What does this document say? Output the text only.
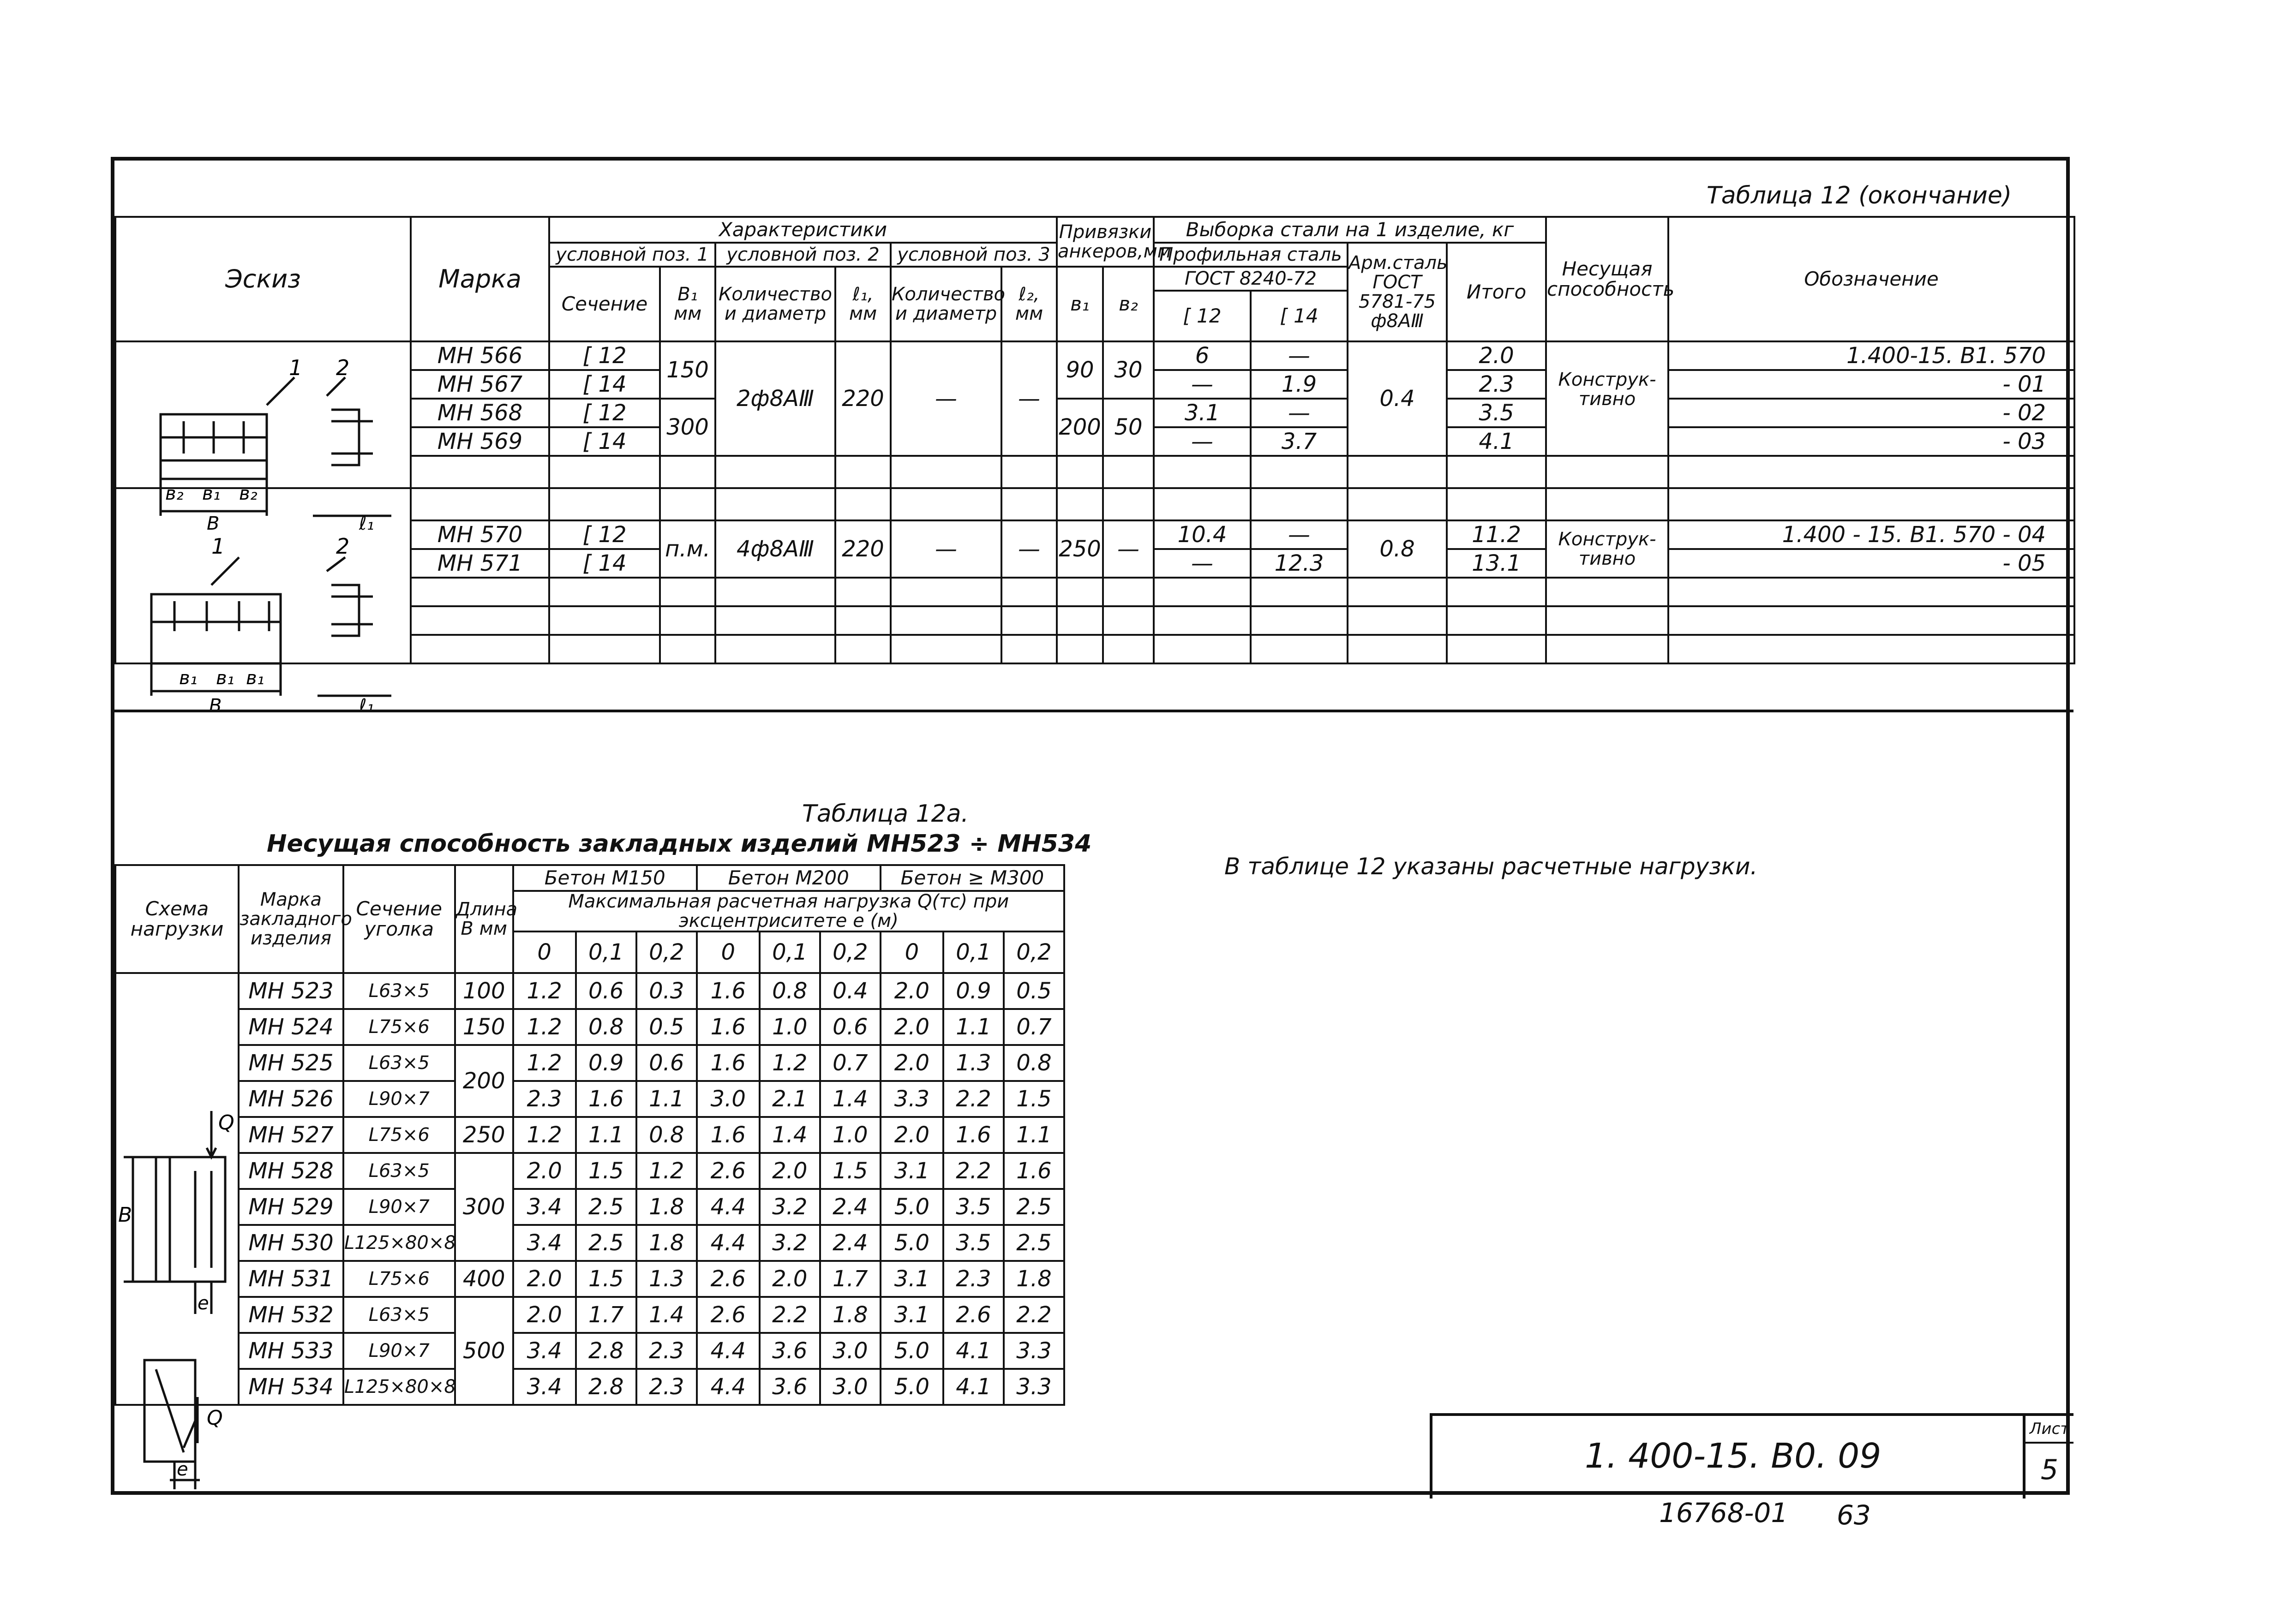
Таблица 12 (окончание)
Эскиз	Марка	Характеристики						Привязки анкеров,мм		Выборка стали на 1 изделие, кг				Несущая способность	Обозначение
		условной поз. 1		условной поз. 2		условной поз. 3				Профильная сталь		Арм.сталь ГОСТ 5781-75 ф8АⅢ	Итого		
		Сечение	B₁ мм	Количество и диаметр	ℓ₁, мм	Количество и диаметр	ℓ₂, мм	в₁	в₂	ГОСТ 8240-72					
										[ 12	[ 14				
	МН 566	[ 12	150	2ф8АⅢ	220	—	—	90	30	6	—	0.4	2.0	Конструк- тивно	1.400-15. В1. 570
	МН 567	[ 14								—	1.9		2.3		- 01
	МН 568	[ 12	300					200	50	3.1	—		3.5		- 02
	МН 569	[ 14								—	3.7		4.1		- 03

	МН 570	[ 12	п.м.	4ф8АⅢ	220	—	—	250	—	10.4	—	0.8	11.2	Конструк- тивно	1.400 - 15. В1. 570 - 04
	МН 571	[ 14								—	12.3		13.1		- 05

1 2
в₂ в₁ в₂
В	ℓ₁
1	2
в₁ в₁ в₁
В	ℓ₁
Таблица 12а.
Несущая способность закладных изделий МН523 ÷ МН534
Схема нагрузки	Марка закладного изделия	Сечение уголка	Длина В мм	Бетон М150			Бетон М200			Бетон ≥ М300		
				Максимальная расчетная нагрузка Q(тс) при эксцентриситете е (м)								
				0	0,1	0,2	0	0,1	0,2	0	0,1	0,2
	МН 523	L63×5	100	1.2	0.6	0.3	1.6	0.8	0.4	2.0	0.9	0.5
	МН 524	L75×6	150	1.2	0.8	0.5	1.6	1.0	0.6	2.0	1.1	0.7
	МН 525	L63×5	200	1.2	0.9	0.6	1.6	1.2	0.7	2.0	1.3	0.8
	МН 526	L90×7		2.3	1.6	1.1	3.0	2.1	1.4	3.3	2.2	1.5
	МН 527	L75×6	250	1.2	1.1	0.8	1.6	1.4	1.0	2.0	1.6	1.1
	МН 528	L63×5	300	2.0	1.5	1.2	2.6	2.0	1.5	3.1	2.2	1.6
	МН 529	L90×7		3.4	2.5	1.8	4.4	3.2	2.4	5.0	3.5	2.5
	МН 530	L125×80×8		3.4	2.5	1.8	4.4	3.2	2.4	5.0	3.5	2.5
	МН 531	L75×6	400	2.0	1.5	1.3	2.6	2.0	1.7	3.1	2.3	1.8
	МН 532	L63×5	500	2.0	1.7	1.4	2.6	2.2	1.8	3.1	2.6	2.2
	МН 533	L90×7		3.4	2.8	2.3	4.4	3.6	3.0	5.0	4.1	3.3
	МН 534	L125×80×8		3.4	2.8	2.3	4.4	3.6	3.0	5.0	4.1	3.3
Q
В
е
Q
е
В таблице 12 указаны расчетные нагрузки.
Лист
5
1. 400-15. В0. 09
16768-01 63
